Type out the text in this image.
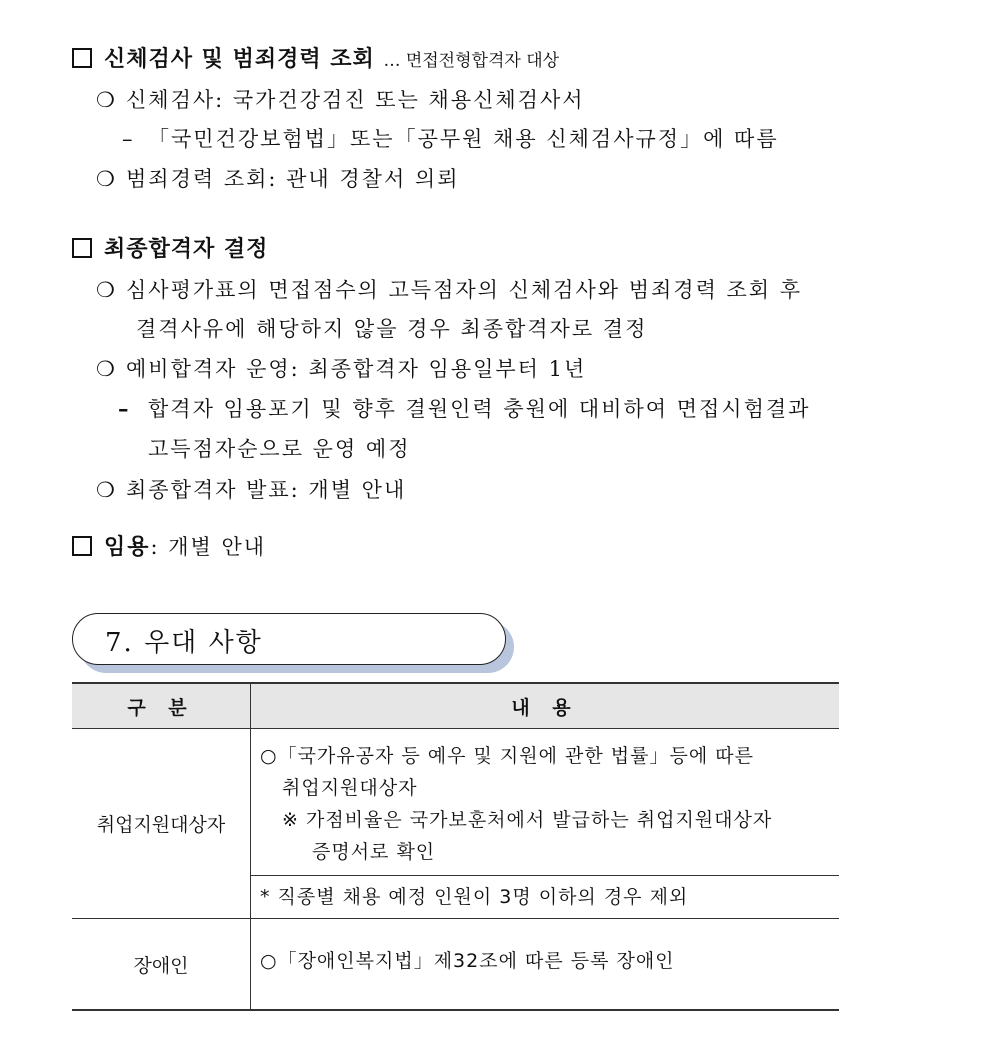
신체검사 및 범죄경력 조회 … 면접전형합격자 대상
❍ 신체검사: 국가건강검진 또는 채용신체검사서
– 「국민건강보험법」또는「공무원 채용 신체검사규정」에 따름
❍ 범죄경력 조회: 관내 경찰서 의뢰
최종합격자 결정
❍ 심사평가표의 면접점수의 고득점자의 신체검사와 범죄경력 조회 후
결격사유에 해당하지 않을 경우 최종합격자로 결정
❍ 예비합격자 운영: 최종합격자 임용일부터 1년
– 합격자 임용포기 및 향후 결원인력 충원에 대비하여 면접시험결과
고득점자순으로 운영 예정
❍ 최종합격자 발표: 개별 안내
임용: 개별 안내
7. 우대 사항
구 분	내 용
취업지원대상자	○「국가유공자 등 예우 및 지원에 관한 법률」등에 따른
취업지원대상자
※ 가점비율은 국가보훈처에서 발급하는 취업지원대상자
증명서로 확인

	* 직종별 채용 예정 인원이 3명 이하의 경우 제외

장애인	○「장애인복지법」제32조에 따른 등록 장애인
